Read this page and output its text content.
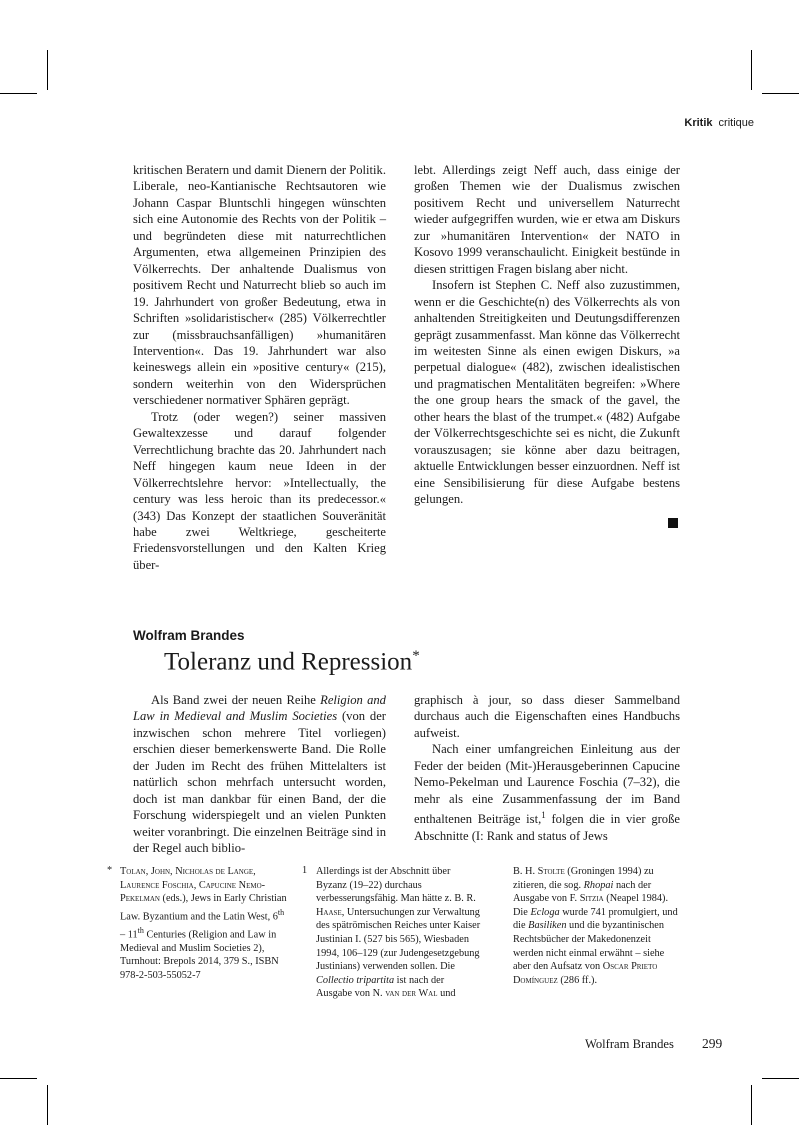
Kritik critique

kritischen Beratern und damit Dienern der Politik. Liberale, neo-Kantianische Rechtsautoren wie Johann Caspar Bluntschli hingegen wünschten sich eine Autonomie des Rechts von der Politik – und begründeten diese mit naturrechtlichen Argumenten, etwa allgemeinen Prinzipien des Völkerrechts. Der anhaltende Dualismus von positivem Recht und Naturrecht blieb so auch im 19. Jahrhundert von großer Bedeutung, etwa in Schriften »solidaristischer« (285) Völkerrechtler zur (missbrauchsanfälligen) »humanitären Intervention«. Das 19. Jahrhundert war also keineswegs allein ein »positive century« (215), sondern weiterhin von den Widersprüchen verschiedener normativer Sphären geprägt.

Trotz (oder wegen?) seiner massiven Gewaltexzesse und darauf folgender Verrechtlichung brachte das 20. Jahrhundert nach Neff hingegen kaum neue Ideen in der Völkerrechtslehre hervor: »Intellectually, the century was less heroic than its predecessor.« (343) Das Konzept der staatlichen Souveränität habe zwei Weltkriege, gescheiterte Friedensvorstellungen und den Kalten Krieg über-

lebt. Allerdings zeigt Neff auch, dass einige der großen Themen wie der Dualismus zwischen positivem Recht und universellem Naturrecht wieder aufgegriffen wurden, wie er etwa am Diskurs zur »humanitären Intervention« der NATO in Kosovo 1999 veranschaulicht. Einigkeit bestünde in diesen strittigen Fragen bislang aber nicht.

Insofern ist Stephen C. Neff also zuzustimmen, wenn er die Geschichte(n) des Völkerrechts als von anhaltenden Streitigkeiten und Deutungsdifferenzen geprägt zusammenfasst. Man könne das Völkerrecht im weitesten Sinne als einen ewigen Diskurs, »a perpetual dialogue« (482), zwischen idealistischen und pragmatischen Mentalitäten begreifen: »Where the one group hears the smack of the gavel, the other hears the blast of the trumpet.« (482) Aufgabe der Völkerrechtsgeschichte sei es nicht, die Zukunft vorauszusagen; sie könne aber dazu beitragen, aktuelle Entwicklungen besser einzuordnen. Neff ist eine Sensibilisierung für diese Aufgabe bestens gelungen.

Wolfram Brandes
Toleranz und Repression*

Als Band zwei der neuen Reihe Religion and Law in Medieval and Muslim Societies (von der inzwischen schon mehrere Titel vorliegen) erschien dieser bemerkenswerte Band. Die Rolle der Juden im Recht des frühen Mittelalters ist natürlich schon mehrfach untersucht worden, doch ist man dankbar für einen Band, der die Forschung widerspiegelt und an vielen Punkten weiter voranbringt. Die einzelnen Beiträge sind in der Regel auch biblio-

graphisch à jour, so dass dieser Sammelband durchaus auch die Eigenschaften eines Handbuchs aufweist.

Nach einer umfangreichen Einleitung aus der Feder der beiden (Mit-)Herausgeberinnen Capucine Nemo-Pekelman und Laurence Foschia (7–32), die mehr als eine Zusammenfassung der im Band enthaltenen Beiträge ist,$^1$ folgen die in vier große Abschnitte (I: Rank and status of Jews

* Tolan, John, Nicholas de Lange, Laurence Foschia, Capucine Nemo-Pekelman (eds.), Jews in Early Christian Law. Byzantium and the Latin West, 6th – 11th Centuries (Religion and Law in Medieval and Muslim Societies 2), Turnhout: Brepols 2014, 379 S., ISBN 978-2-503-55052-7

1 Allerdings ist der Abschnitt über Byzanz (19–22) durchaus verbesserungsfähig. Man hätte z. B. R. Haase, Untersuchungen zur Verwaltung des spätrömischen Reiches unter Kaiser Justinian I. (527 bis 565), Wiesbaden 1994, 106–129 (zur Judengesetzgebung Justinians) verwenden sollen. Die Collectio tripartita ist nach der Ausgabe von N. van der Wal und

B. H. Stolte (Groningen 1994) zu zitieren, die sog. Rhopai nach der Ausgabe von F. Sitzia (Neapel 1984). Die Ecloga wurde 741 promulgiert, und die Basiliken und die byzantinischen Rechtsbücher der Makedonenzeit werden nicht einmal erwähnt – siehe aber den Aufsatz von Oscar Prieto Domínguez (286 ff.).

Wolfram Brandes 299
